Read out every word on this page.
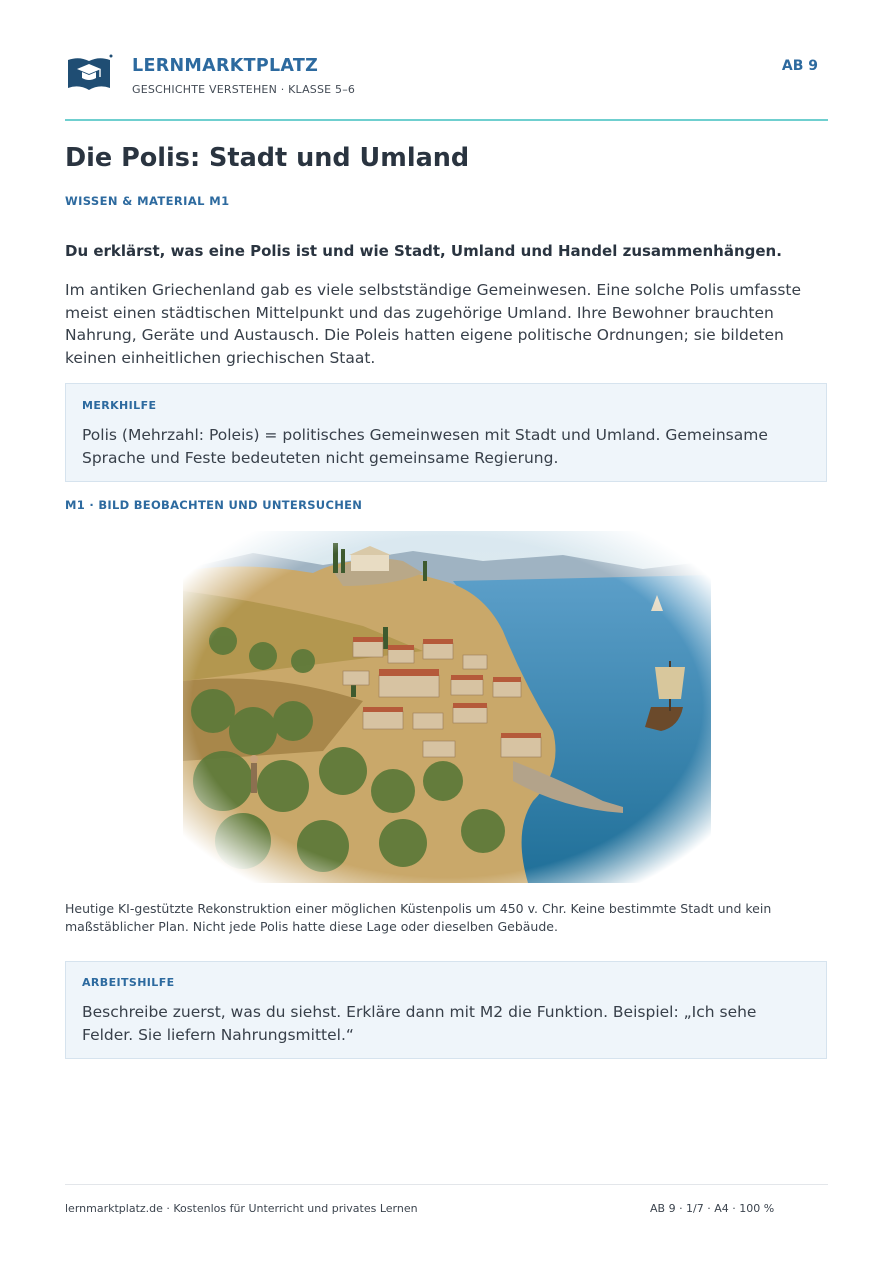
LERNMARKTPLATZ
GESCHICHTE VERSTEHEN · KLASSE 5–6
AB 9
Die Polis: Stadt und Umland
WISSEN & MATERIAL M1
Du erklärst, was eine Polis ist und wie Stadt, Umland und Handel zusammenhängen.
Im antiken Griechenland gab es viele selbstständige Gemeinwesen. Eine solche Polis umfasste meist einen städtischen Mittelpunkt und das zugehörige Umland. Ihre Bewohner brauchten Nahrung, Geräte und Austausch. Die Poleis hatten eigene politische Ordnungen; sie bildeten keinen einheitlichen griechischen Staat.
MERKHILFE
Polis (Mehrzahl: Poleis) = politisches Gemeinwesen mit Stadt und Umland. Gemeinsame Sprache und Feste bedeuteten nicht gemeinsame Regierung.
M1 · BILD BEOBACHTEN UND UNTERSUCHEN
Heutige KI-gestützte Rekonstruktion einer möglichen Küstenpolis um 450 v. Chr. Keine bestimmte Stadt und kein maßstäblicher Plan. Nicht jede Polis hatte diese Lage oder dieselben Gebäude.
ARBEITSHILFE
Beschreibe zuerst, was du siehst. Erkläre dann mit M2 die Funktion. Beispiel: „Ich sehe Felder. Sie liefern Nahrungsmittel.“
lernmarktplatz.de · Kostenlos für Unterricht und privates Lernen	AB 9 · 1/7 · A4 · 100 %
